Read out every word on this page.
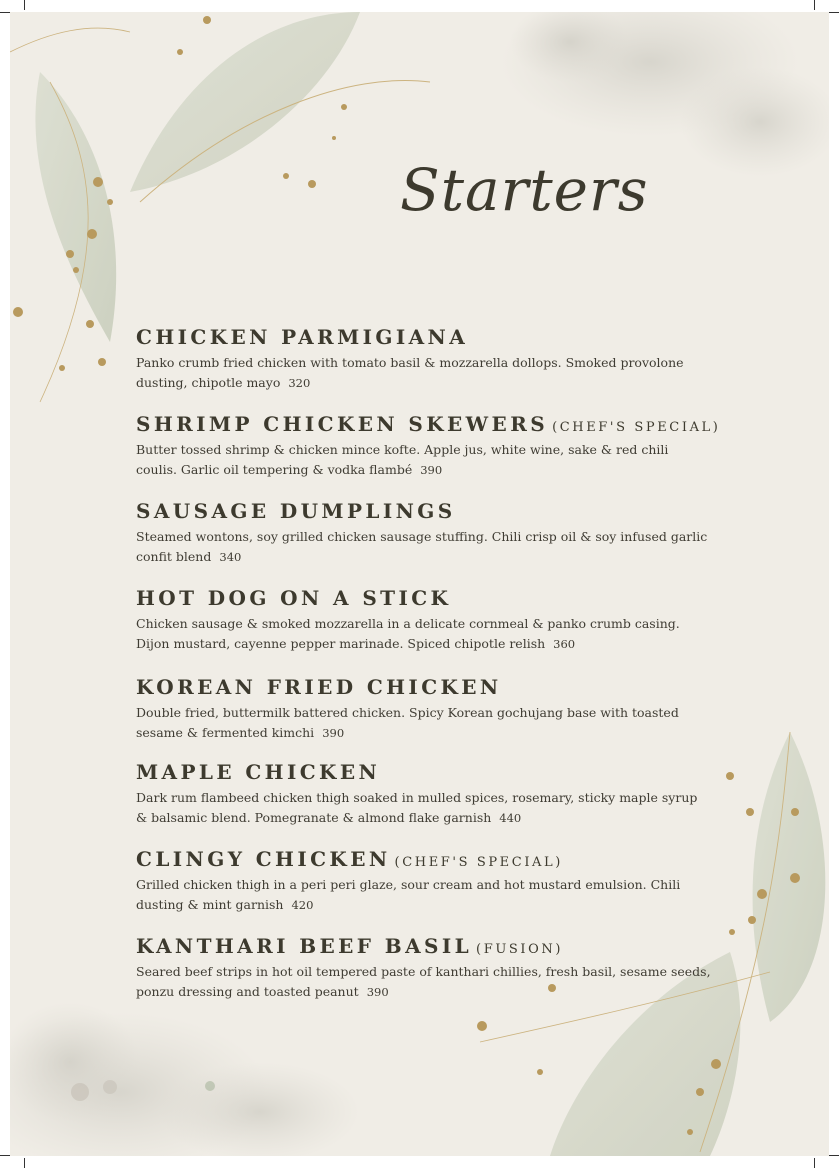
Starters
CHICKEN PARMIGIANA
Panko crumb fried chicken with tomato basil & mozzarella dollops. Smoked provolone dusting, chipotle mayo 320
SHRIMP CHICKEN SKEWERS (CHEF'S SPECIAL)
Butter tossed shrimp & chicken mince kofte. Apple jus, white wine, sake & red chili coulis. Garlic oil tempering & vodka flambé 390
SAUSAGE DUMPLINGS
Steamed wontons, soy grilled chicken sausage stuffing. Chili crisp oil & soy infused garlic confit blend 340
HOT DOG ON A STICK
Chicken sausage & smoked mozzarella in a delicate cornmeal & panko crumb casing. Dijon mustard, cayenne pepper marinade. Spiced chipotle relish 360
KOREAN FRIED CHICKEN
Double fried, buttermilk battered chicken. Spicy Korean gochujang base with toasted sesame & fermented kimchi 390
MAPLE CHICKEN
Dark rum flambeed chicken thigh soaked in mulled spices, rosemary, sticky maple syrup & balsamic blend. Pomegranate & almond flake garnish 440
CLINGY CHICKEN (CHEF'S SPECIAL)
Grilled chicken thigh in a peri peri glaze, sour cream and hot mustard emulsion. Chili dusting & mint garnish 420
KANTHARI BEEF BASIL (FUSION)
Seared beef strips in hot oil tempered paste of kanthari chillies, fresh basil, sesame seeds, ponzu dressing and toasted peanut 390
